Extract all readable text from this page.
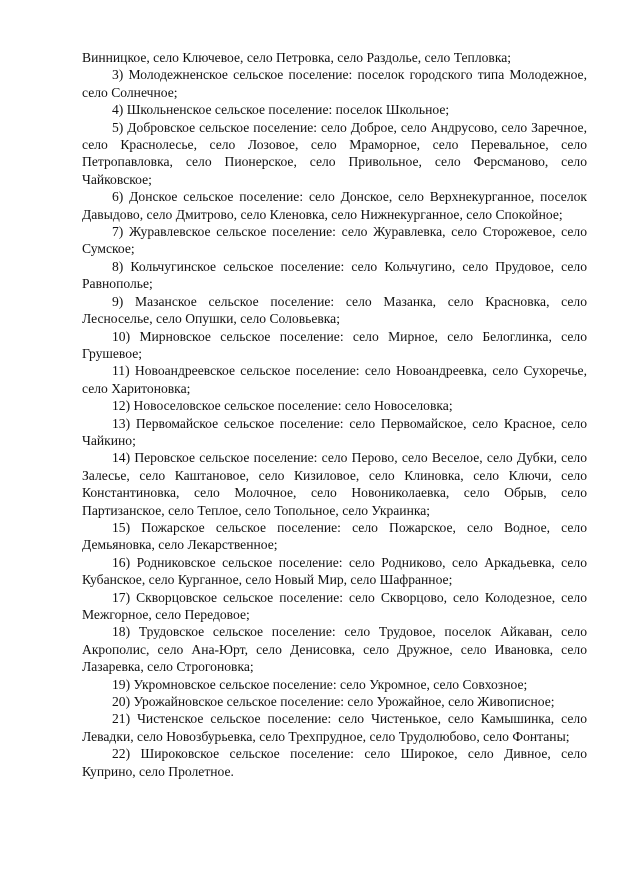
Винницкое, село Ключевое, село Петровка, село Раздолье, село Тепловка;

3) Молодежненское сельское поселение: поселок городского типа Молодежное, село Солнечное;

4) Школьненское сельское поселение: поселок Школьное;

5) Добровское сельское поселение: село Доброе, село Андрусово, село Заречное, село Краснолесье, село Лозовое, село Мраморное, село Перевальное, село Петропавловка, село Пионерское, село Привольное, село Ферсманово, село Чайковское;

6) Донское сельское поселение: село Донское, село Верхнекурганное, поселок Давыдово, село Дмитрово, село Кленовка, село Нижнекурганное, село Спокойное;

7) Журавлевское сельское поселение: село Журавлевка, село Сторожевое, село Сумское;

8) Кольчугинское сельское поселение: село Кольчугино, село Прудовое, село Равнополье;

9) Мазанское сельское поселение: село Мазанка, село Красновка, село Лесноселье, село Опушки, село Соловьевка;

10) Мирновское сельское поселение: село Мирное, село Белоглинка, село Грушевое;

11) Новоандреевское сельское поселение: село Новоандреевка, село Сухоречье, село Харитоновка;

12) Новоселовское сельское поселение: село Новоселовка;

13) Первомайское сельское поселение: село Первомайское, село Красное, село Чайкино;

14) Перовское сельское поселение: село Перово, село Веселое, село Дубки, село Залесье, село Каштановое, село Кизиловое, село Клиновка, село Ключи, село Константиновка, село Молочное, село Новониколаевка, село Обрыв, село Партизанское, село Теплое, село Топольное, село Украинка;

15) Пожарское сельское поселение: село Пожарское, село Водное, село Демьяновка, село Лекарственное;

16) Родниковское сельское поселение: село Родниково, село Аркадьевка, село Кубанское, село Курганное, село Новый Мир, село Шафранное;

17) Скворцовское сельское поселение: село Скворцово, село Колодезное, село Межгорное, село Передовое;

18) Трудовское сельское поселение: село Трудовое, поселок Айкаван, село Акрополис, село Ана-Юрт, село Денисовка, село Дружное, село Ивановка, село Лазаревка, село Строгоновка;

19) Укромновское сельское поселение: село Укромное, село Совхозное;

20) Урожайновское сельское поселение: село Урожайное, село Живописное;

21) Чистенское сельское поселение: село Чистенькое, село Камышинка, село Левадки, село Новозбурьевка, село Трехпрудное, село Трудолюбово, село Фонтаны;

22) Широковское сельское поселение: село Широкое, село Дивное, село Куприно, село Пролетное.
